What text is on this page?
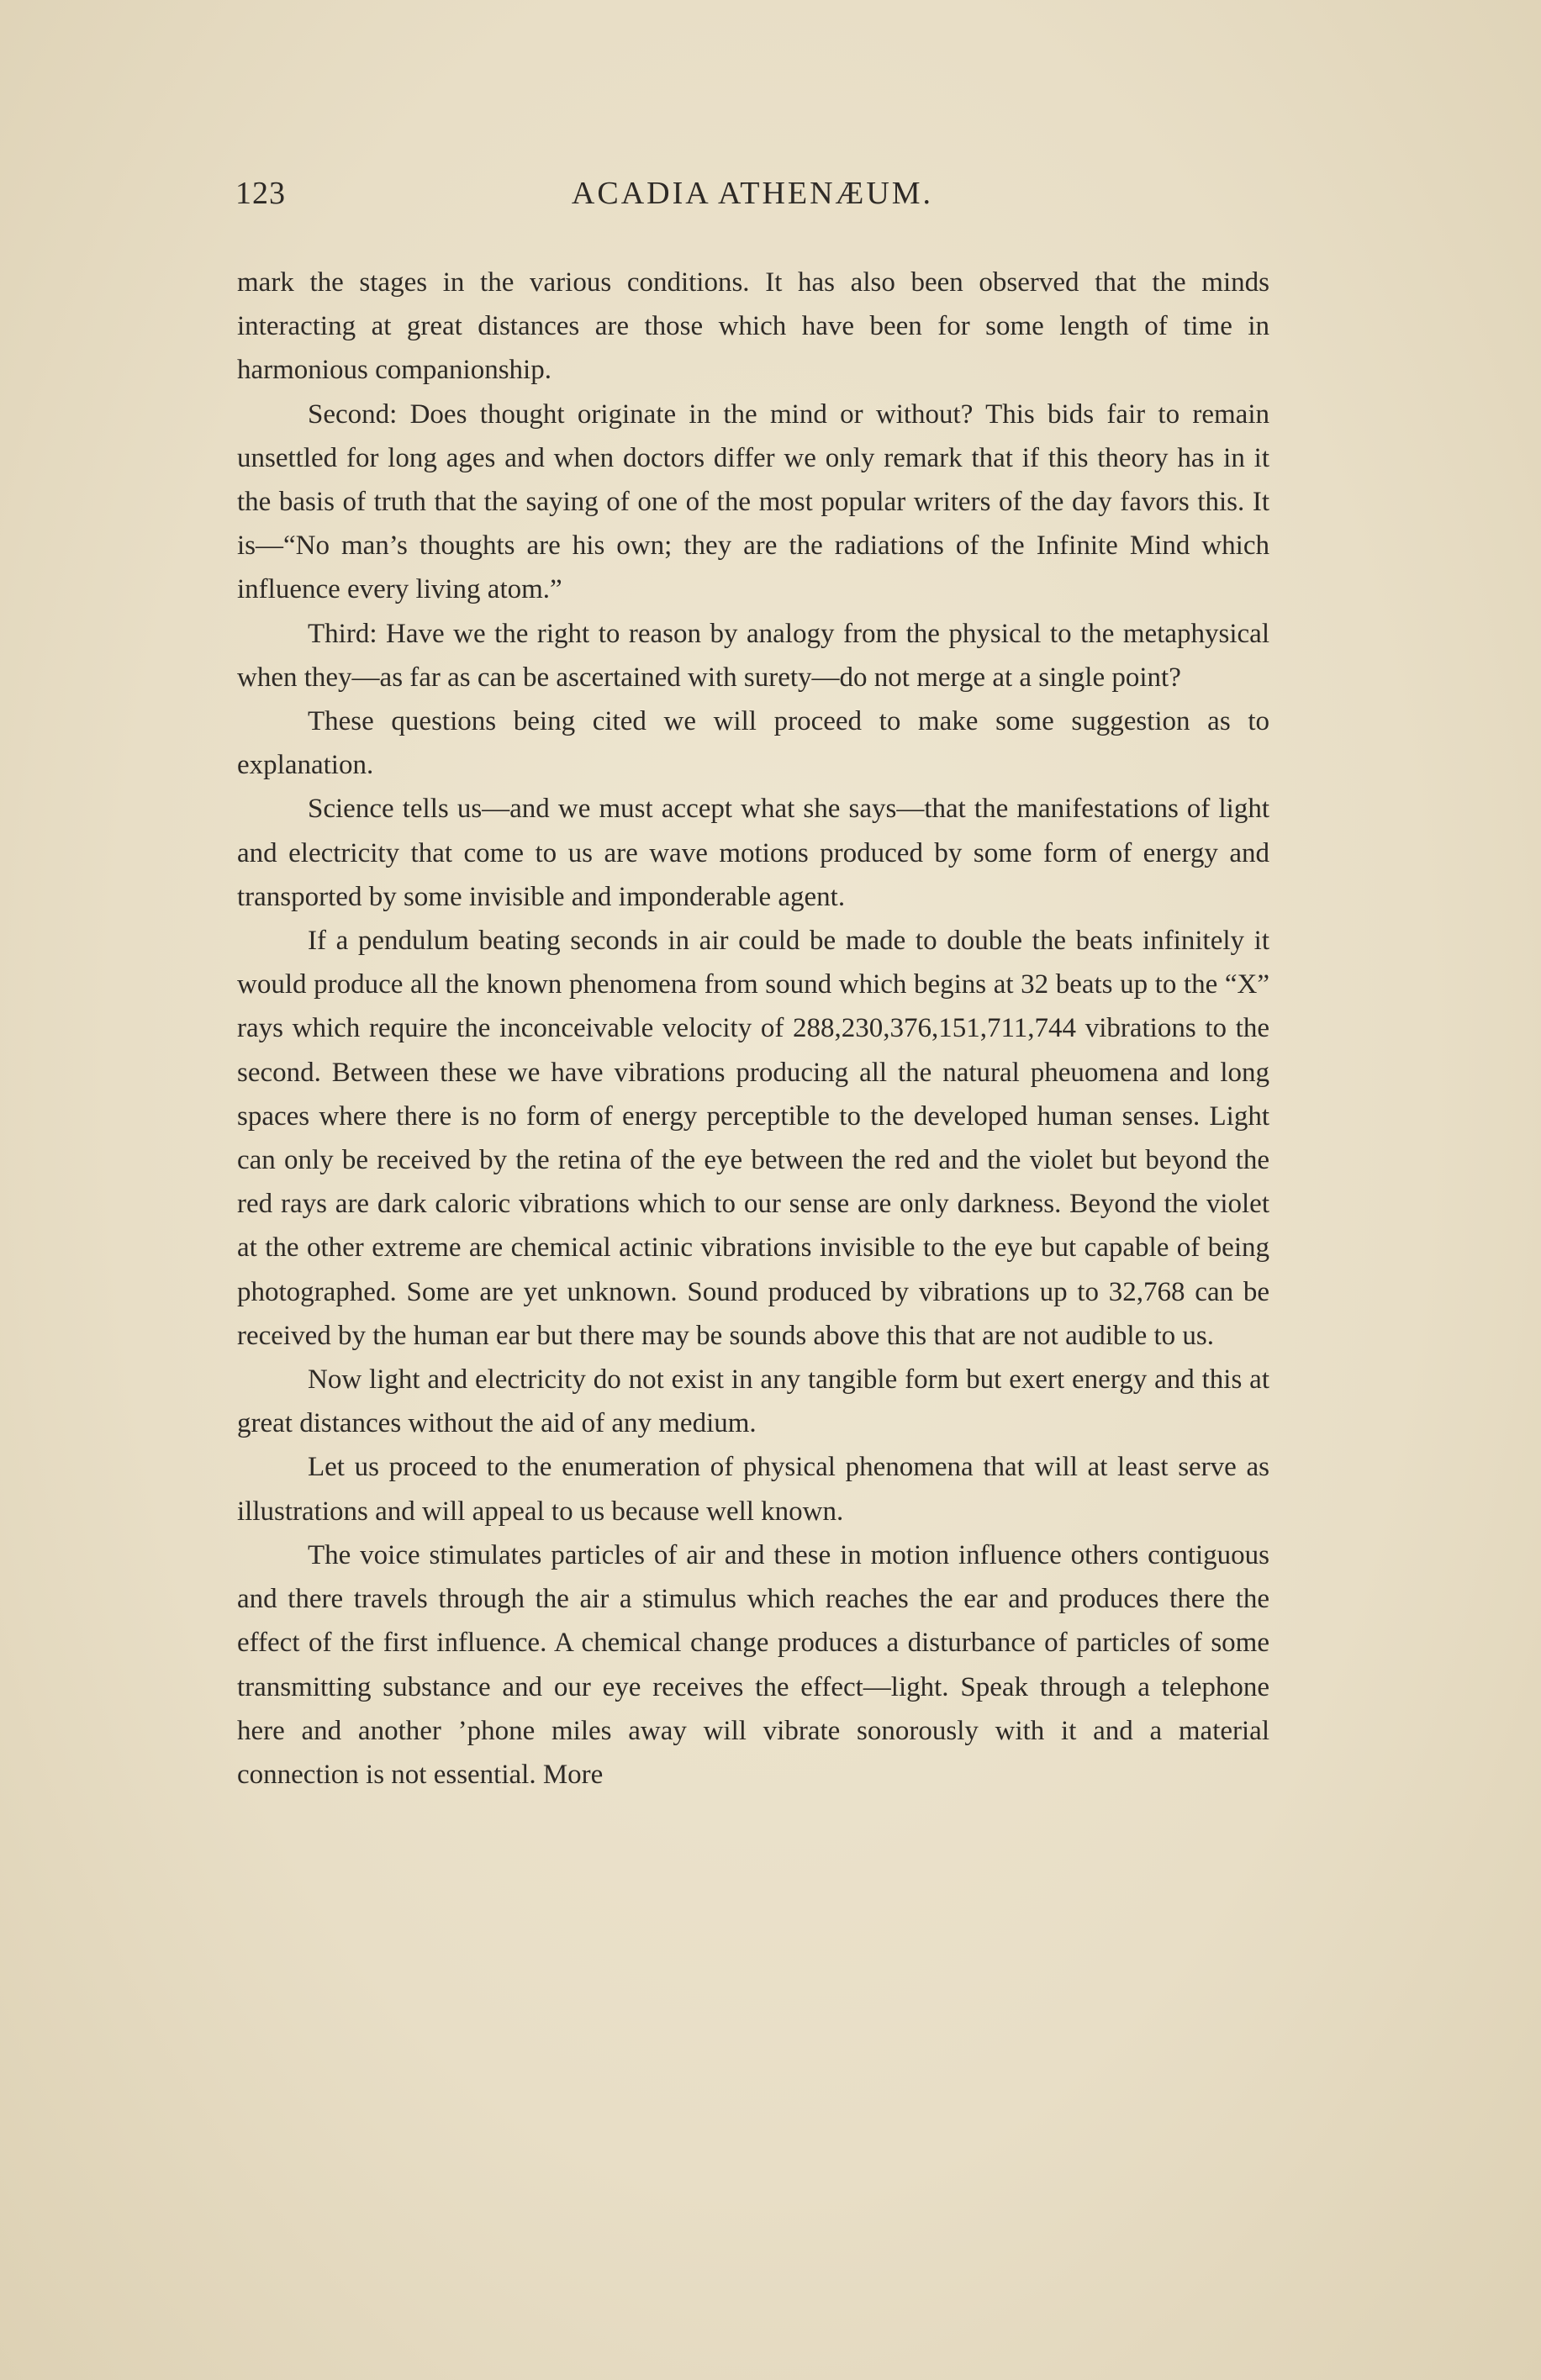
123	ACADIA ATHENÆUM.

mark the stages in the various conditions. It has also been observed that the minds interacting at great distances are those which have been for some length of time in harmonious companionship.

Second: Does thought originate in the mind or without? This bids fair to remain unsettled for long ages and when doctors differ we only remark that if this theory has in it the basis of truth that the saying of one of the most popular writers of the day favors this. It is—“No man’s thoughts are his own; they are the radiations of the Infinite Mind which influence every living atom.”

Third: Have we the right to reason by analogy from the physical to the metaphysical when they—as far as can be ascertained with surety—do not merge at a single point?

These questions being cited we will proceed to make some suggestion as to explanation.

Science tells us—and we must accept what she says—that the manifestations of light and electricity that come to us are wave motions produced by some form of energy and transported by some invisible and imponderable agent.

If a pendulum beating seconds in air could be made to double the beats infinitely it would produce all the known phenomena from sound which begins at 32 beats up to the “X” rays which require the inconceivable velocity of 288,230,376,151,711,744 vibrations to the second. Between these we have vibrations producing all the natural pheuomena and long spaces where there is no form of energy perceptible to the developed human senses. Light can only be received by the retina of the eye between the red and the violet but beyond the red rays are dark caloric vibrations which to our sense are only darkness. Beyond the violet at the other extreme are chemical actinic vibrations invisible to the eye but capable of being photographed. Some are yet unknown. Sound produced by vibrations up to 32,768 can be received by the human ear but there may be sounds above this that are not audible to us.

Now light and electricity do not exist in any tangible form but exert energy and this at great distances without the aid of any medium.

Let us proceed to the enumeration of physical phenomena that will at least serve as illustrations and will appeal to us because well known.

The voice stimulates particles of air and these in motion influence others contiguous and there travels through the air a stimulus which reaches the ear and produces there the effect of the first influence. A chemical change produces a disturbance of particles of some transmitting substance and our eye receives the effect—light. Speak through a telephone here and another ’phone miles away will vibrate sonorously with it and a material connection is not essential. More
